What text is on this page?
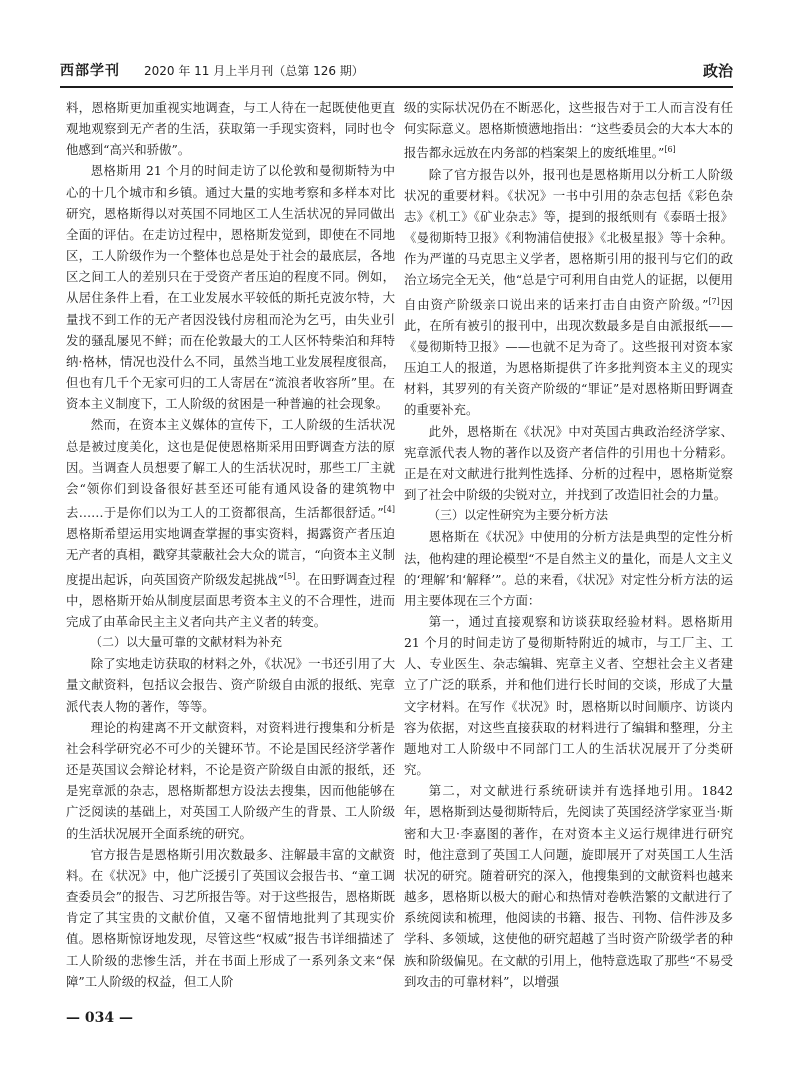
西部学刊 2020 年 11 月上半月刊（总第 126 期）	政治

料，恩格斯更加重视实地调查，与工人待在一起既使他更直观地观察到无产者的生活，获取第一手现实资料，同时也令他感到“高兴和骄傲”。

恩格斯用 21 个月的时间走访了以伦敦和曼彻斯特为中心的十几个城市和乡镇。通过大量的实地考察和多样本对比研究，恩格斯得以对英国不同地区工人生活状况的异同做出全面的评估。在走访过程中，恩格斯发觉到，即使在不同地区，工人阶级作为一个整体也总是处于社会的最底层，各地区之间工人的差别只在于受资产者压迫的程度不同。例如，从居住条件上看，在工业发展水平较低的斯托克波尔特，大量找不到工作的无产者因没钱付房租而沦为乞丐，由失业引发的骚乱屡见不鲜；而在伦敦最大的工人区怀特柴泊和拜特纳·格林，情况也没什么不同，虽然当地工业发展程度很高，但也有几千个无家可归的工人寄居在“流浪者收容所”里。在资本主义制度下，工人阶级的贫困是一种普遍的社会现象。

然而，在资本主义媒体的宣传下，工人阶级的生活状况总是被过度美化，这也是促使恩格斯采用田野调查方法的原因。当调查人员想要了解工人的生活状况时，那些工厂主就会“领你们到设备很好甚至还可能有通风设备的建筑物中去……于是你们以为工人的工资都很高，生活都很舒适。”[4]恩格斯希望运用实地调查掌握的事实资料，揭露资产者压迫无产者的真相，戳穿其蒙蔽社会大众的谎言，“向资本主义制度提出起诉，向英国资产阶级发起挑战”[5]。在田野调查过程中，恩格斯开始从制度层面思考资本主义的不合理性，进而完成了由革命民主主义者向共产主义者的转变。

（二）以大量可靠的文献材料为补充

除了实地走访获取的材料之外，《状况》一书还引用了大量文献资料，包括议会报告、资产阶级自由派的报纸、宪章派代表人物的著作，等等。

理论的构建离不开文献资料，对资料进行搜集和分析是社会科学研究必不可少的关键环节。不论是国民经济学著作还是英国议会辩论材料，不论是资产阶级自由派的报纸，还是宪章派的杂志，恩格斯都想方设法去搜集，因而他能够在广泛阅读的基础上，对英国工人阶级产生的背景、工人阶级的生活状况展开全面系统的研究。

官方报告是恩格斯引用次数最多、注解最丰富的文献资料。在《状况》中，他广泛援引了英国议会报告书、“童工调查委员会”的报告、习艺所报告等。对于这些报告，恩格斯既肯定了其宝贵的文献价值，又毫不留情地批判了其现实价值。恩格斯惊讶地发现，尽管这些“权威”报告书详细描述了工人阶级的悲惨生活，并在书面上形成了一系列条文来“保障”工人阶级的权益，但工人阶

级的实际状况仍在不断恶化，这些报告对于工人而言没有任何实际意义。恩格斯愤懑地指出：“这些委员会的大本大本的报告都永远放在内务部的档案架上的废纸堆里。”[6]

除了官方报告以外，报刊也是恩格斯用以分析工人阶级状况的重要材料。《状况》一书中引用的杂志包括《彩色杂志》《机工》《矿业杂志》等，提到的报纸则有《泰晤士报》《曼彻斯特卫报》《利物浦信使报》《北极星报》等十余种。作为严谨的马克思主义学者，恩格斯引用的报刊与它们的政治立场完全无关，他“总是宁可利用自由党人的证据，以便用自由资产阶级亲口说出来的话来打击自由资产阶级。”[7]因此，在所有被引的报刊中，出现次数最多是自由派报纸——《曼彻斯特卫报》——也就不足为奇了。这些报刊对资本家压迫工人的报道，为恩格斯提供了许多批判资本主义的现实材料，其罗列的有关资产阶级的“罪证”是对恩格斯田野调查的重要补充。

此外，恩格斯在《状况》中对英国古典政治经济学家、宪章派代表人物的著作以及资产者信件的引用也十分精彩。正是在对文献进行批判性选择、分析的过程中，恩格斯觉察到了社会中阶级的尖锐对立，并找到了改造旧社会的力量。

（三）以定性研究为主要分析方法

恩格斯在《状况》中使用的分析方法是典型的定性分析法，他构建的理论模型“不是自然主义的量化，而是人文主义的‘理解’和‘解释’”。总的来看，《状况》对定性分析方法的运用主要体现在三个方面：

第一，通过直接观察和访谈获取经验材料。恩格斯用 21 个月的时间走访了曼彻斯特附近的城市，与工厂主、工人、专业医生、杂志编辑、宪章主义者、空想社会主义者建立了广泛的联系，并和他们进行长时间的交谈，形成了大量文字材料。在写作《状况》时，恩格斯以时间顺序、访谈内容为依据，对这些直接获取的材料进行了编辑和整理，分主题地对工人阶级中不同部门工人的生活状况展开了分类研究。

第二，对文献进行系统研读并有选择地引用。1842 年，恩格斯到达曼彻斯特后，先阅读了英国经济学家亚当·斯密和大卫·李嘉图的著作，在对资本主义运行规律进行研究时，他注意到了英国工人问题，旋即展开了对英国工人生活状况的研究。随着研究的深入，他搜集到的文献资料也越来越多，恩格斯以极大的耐心和热情对卷帙浩繁的文献进行了系统阅读和梳理，他阅读的书籍、报告、刊物、信件涉及多学科、多领域，这使他的研究超越了当时资产阶级学者的种族和阶级偏见。在文献的引用上，他特意选取了那些“不易受到攻击的可靠材料”，以增强

— 034 —
